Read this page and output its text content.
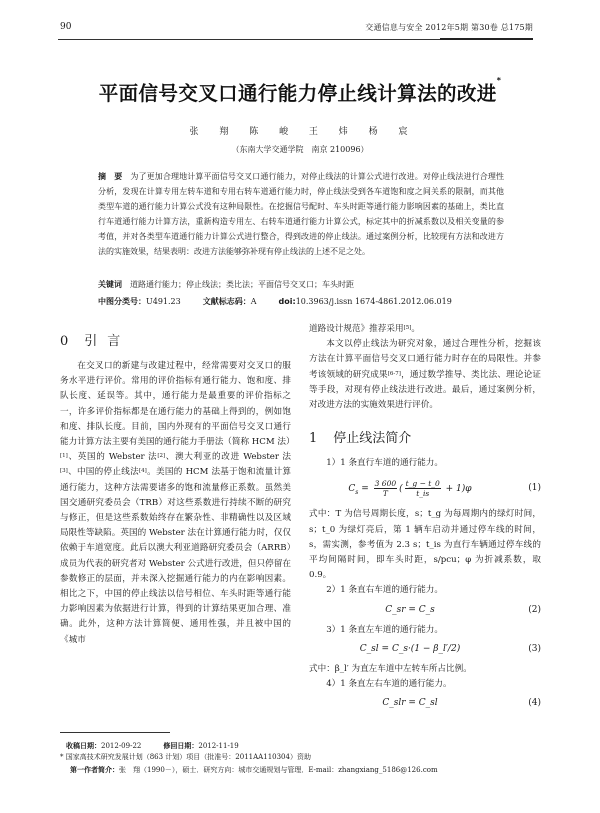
90	交通信息与安全 2012年5期 第30卷 总175期
平面信号交叉口通行能力停止线计算法的改进*
张 翔 陈 峻 王 炜 杨 宸
（东南大学交通学院　南京 210096）
摘　要 为了更加合理地计算平面信号交叉口通行能力，对停止线法的计算公式进行改进。对停止线法进行合理性分析，发现在计算专用左转车道和专用右转车道通行能力时，停止线法受到各车道饱和度之间关系的限制，而其他类型车道的通行能力计算公式没有这种局限性。在挖掘信号配时、车头时距等通行能力影响因素的基础上，类比直行车道通行能力计算方法，重新构造专用左、右转车道通行能力计算公式，标定其中的折减系数以及相关变量的参考值，并对各类型车道通行能力计算公式进行整合，得到改进的停止线法。通过案例分析，比较现有方法和改进方法的实施效果，结果表明：改进方法能够弥补现有停止线法的上述不足之处。
关键词 道路通行能力；停止线法；类比法；平面信号交叉口；车头时距
中图分类号：U491.23	文献标志码：A	doi:10.3963/j.issn 1674-4861.2012.06.019
0 引言

在交叉口的新建与改建过程中，经常需要对交叉口的服务水平进行评价。常用的评价指标有通行能力、饱和度、排队长度、延误等。其中，通行能力是最重要的评价指标之一，许多评价指标都是在通行能力的基础上得到的，例如饱和度、排队长度。目前，国内外现有的平面信号交叉口通行能力计算方法主要有美国的通行能力手册法（简称 HCM 法）[1]、英国的 Webster 法[2]、澳大利亚的改进 Webster 法[3]、中国的停止线法[4]。美国的 HCM 法基于饱和流量计算通行能力，这种方法需要诸多的饱和流量修正系数。虽然美国交通研究委员会（TRB）对这些系数进行持续不断的研究与修正，但是这些系数始终存在繁杂性、非精确性以及区域局限性等缺陷。英国的 Webster 法在计算通行能力时，仅仅依赖于车道宽度。此后以澳大利亚道路研究委员会（ARRB）成员为代表的研究者对 Webster 公式进行改进，但只停留在参数修正的层面，并未深入挖掘通行能力的内在影响因素。相比之下，中国的停止线法以信号相位、车头时距等通行能力影响因素为依据进行计算，得到的计算结果更加合理、准确。此外，这种方法计算简便、通用性强，并且被中国的《城市

道路设计规范》推荐采用[5]。

本文以停止线法为研究对象，通过合理性分析，挖掘该方法在计算平面信号交叉口通行能力时存在的局限性。并参考该领域的研究成果[6-7]，通过数学推导、类比法、理论论证等手段，对现有停止线法进行改进。最后，通过案例分析，对改进方法的实施效果进行评价。

1 停止线法简介

1）1 条直行车道的通行能力。

$C_s = \frac{3 600}{T}$ ( $\frac{t\_g - t\_0}{t\_is} + 1)\varphi$	(1)

式中：T 为信号周期长度，s；t_g 为每周期内的绿灯时间，s；t_0 为绿灯亮后，第 1 辆车启动并通过停车线的时间，s，需实测，参考值为 2.3 s；t_is 为直行车辆通过停车线的平均间隔时间，即车头时距，s/pcu；φ 为折减系数，取 0.9。

2）1 条直右车道的通行能力。

C_sr = C_s	(2)

3）1 条直左车道的通行能力。

C_sl = C_s·(1 − β_l′/2)	(3)

式中：β_l′ 为直左车道中左转车所占比例。

4）1 条直左右车道的通行能力。

C_slr = C_sl	(4)
收稿日期：2012-09-22	修回日期：2012-11-19
* 国家高技术研究发展计划（863 计划）项目（批准号：2011AA110304）资助
第一作者简介：张　翔（1990－），硕士．研究方向：城市交通规划与管理．E-mail：zhangxiang_5186@126.com
